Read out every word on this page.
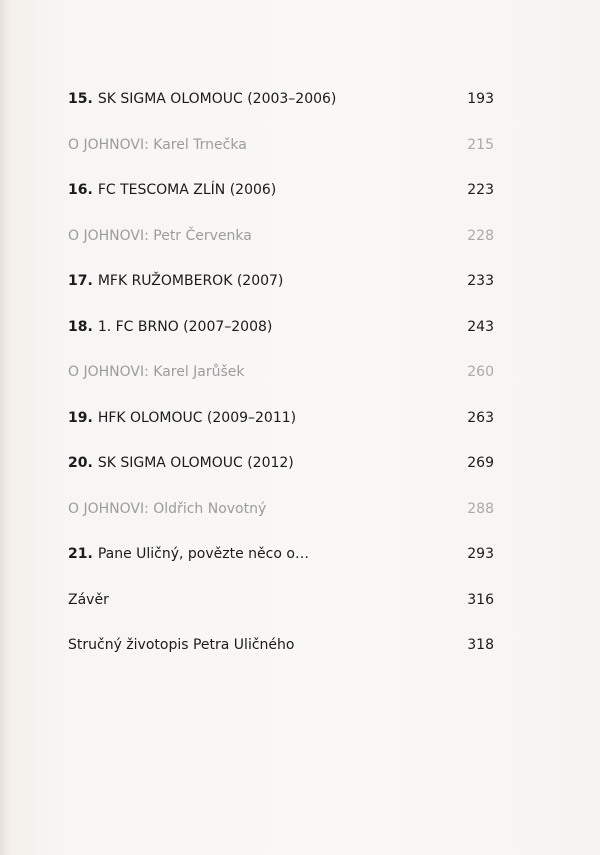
15. SK SIGMA OLOMOUC (2003–2006)	193
O JOHNOVI: Karel Trnečka	215
16. FC TESCOMA ZLÍN (2006)	223
O JOHNOVI: Petr Červenka	228
17. MFK RUŽOMBEROK (2007)	233
18. 1. FC BRNO (2007–2008)	243
O JOHNOVI: Karel Jarůšek	260
19. HFK OLOMOUC (2009–2011)	263
20. SK SIGMA OLOMOUC (2012)	269
O JOHNOVI: Oldřich Novotný	288
21. Pane Uličný, povězte něco o…	293
Závěr	316
Stručný životopis Petra Uličného	318
